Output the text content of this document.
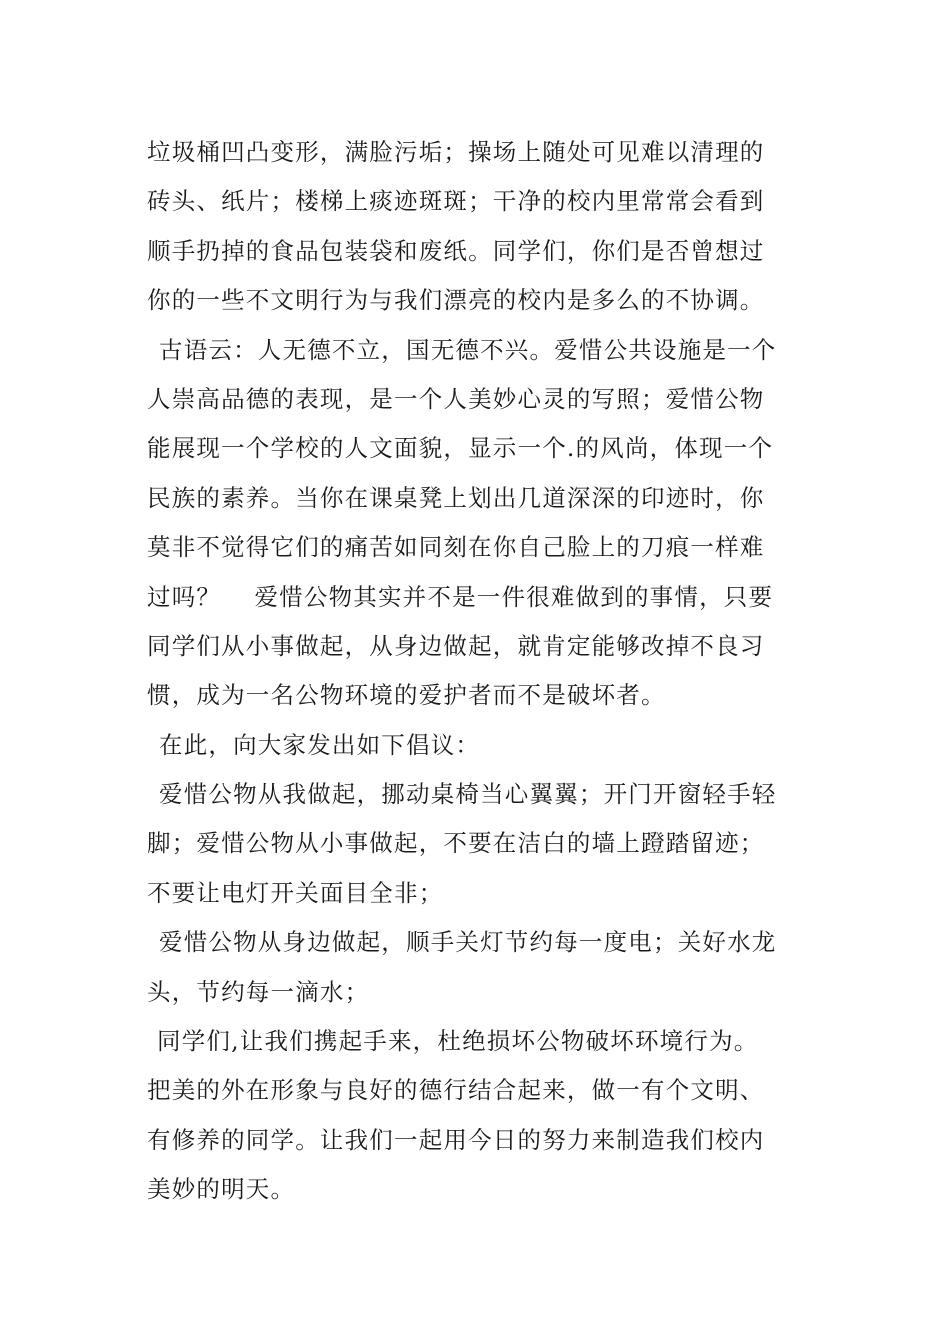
垃圾桶凹凸变形，满脸污垢；操场上随处可见难以清理的
砖头、纸片；楼梯上痰迹斑斑；干净的校内里常常会看到
顺手扔掉的食品包装袋和废纸。同学们，你们是否曾想过
你的一些不文明行为与我们漂亮的校内是多么的不协调。

古语云：人无德不立，国无德不兴。爱惜公共设施是一个
人崇高品德的表现，是一个人美妙心灵的写照；爱惜公物
能展现一个学校的人文面貌，显示一个.的风尚，体现一个
民族的素养。当你在课桌凳上划出几道深深的印迹时，你
莫非不觉得它们的痛苦如同刻在你自己脸上的刀痕一样难
过吗？　 爱惜公物其实并不是一件很难做到的事情，只要
同学们从小事做起，从身边做起，就肯定能够改掉不良习
惯，成为一名公物环境的爱护者而不是破坏者。

在此，向大家发出如下倡议：

爱惜公物从我做起，挪动桌椅当心翼翼；开门开窗轻手轻
脚；爱惜公物从小事做起，不要在洁白的墙上蹬踏留迹；
不要让电灯开关面目全非；

爱惜公物从身边做起，顺手关灯节约每一度电；关好水龙
头，节约每一滴水；

同学们,让我们携起手来，杜绝损坏公物破坏环境行为。
把美的外在形象与良好的德行结合起来，做一有个文明、
有修养的同学。让我们一起用今日的努力来制造我们校内
美妙的明天。
